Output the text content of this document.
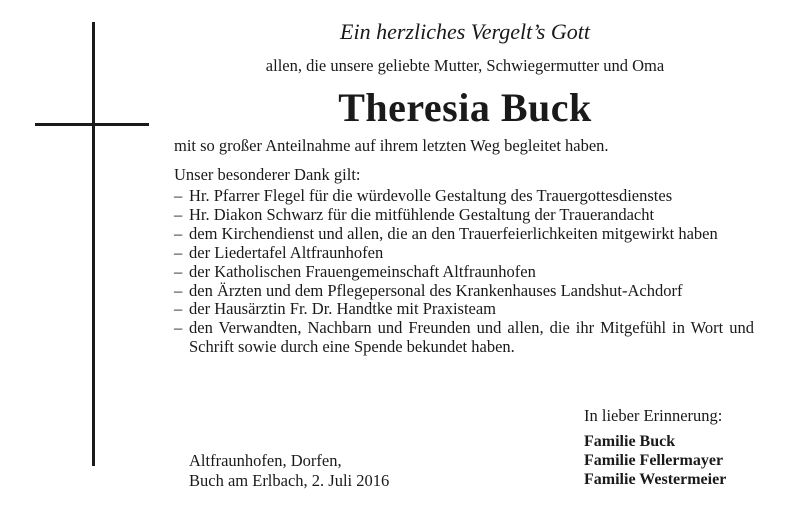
Ein herzliches Vergelt’s Gott
allen, die unsere geliebte Mutter, Schwiegermutter und Oma
Theresia Buck
mit so großer Anteilnahme auf ihrem letzten Weg begleitet haben.
Unser besonderer Dank gilt:
– Hr. Pfarrer Flegel für die würdevolle Gestaltung des Trauergottesdienstes
– Hr. Diakon Schwarz für die mitfühlende Gestaltung der Trauerandacht
– dem Kirchendienst und allen, die an den Trauerfeierlichkeiten mitgewirkt haben
– der Liedertafel Altfraunhofen
– der Katholischen Frauengemeinschaft Altfraunhofen
– den Ärzten und dem Pflegepersonal des Krankenhauses Landshut-Achdorf
– der Hausärztin Fr. Dr. Handtke mit Praxisteam
– den Verwandten, Nachbarn und Freunden und allen, die ihr Mitgefühl in Wort und Schrift sowie durch eine Spende bekundet haben.
In lieber Erinnerung:
Familie Buck
Familie Fellermayer
Familie Westermeier
Altfraunhofen, Dorfen,
Buch am Erlbach, 2. Juli 2016
